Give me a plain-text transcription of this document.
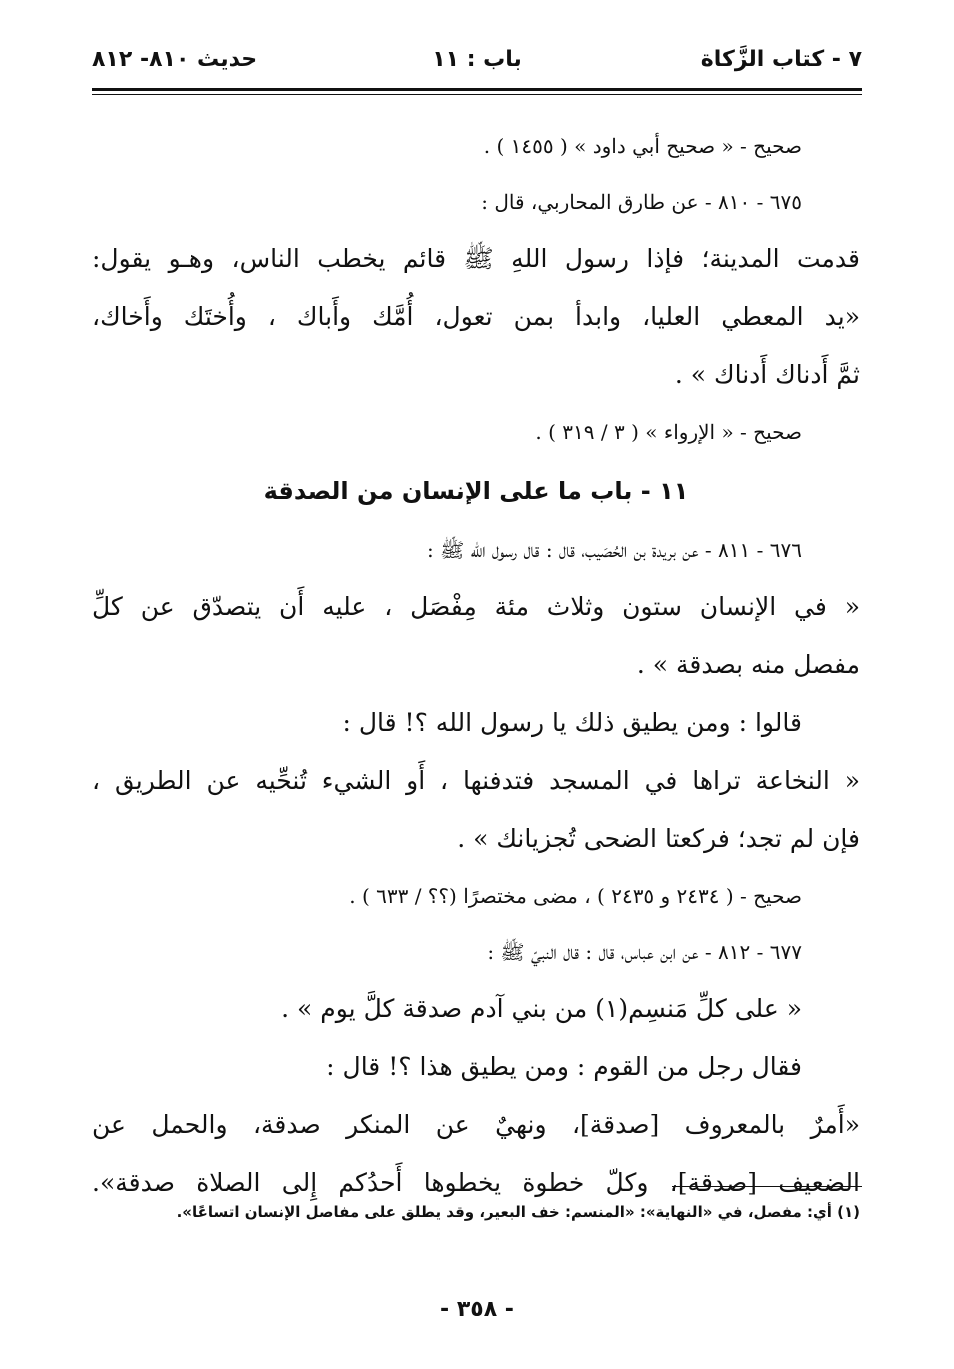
٧ - كتاب الزَّكاة
باب : ١١
حديث ٨١٠- ٨١٢

صحيح - « صحيح أبي داود » ( ١٤٥٥ ) .

٦٧٥ - ٨١٠ - عن طارق المحاربي، قال :

قدمت المدينة؛ فإذا رسول اللهِ ﷺ قائم يخطب الناس، وهـو يقول:

«يد المعطي العليا، وابدأ بمن تعول، أُمَّك وأَباك ، وأُختَك وأَخاك،

ثمَّ أَدناك أَدناك » .

صحيح - « الإرواء » ( ٣ / ٣١٩ ) .

١١ - باب ما على الإنسان من الصدقة

٦٧٦ - ٨١١ - عن بريدة بن الحُصَيب، قال : قال رسول الله ﷺ :

« في الإنسان ستون وثلاث مئة مِفْصَل ، عليه أَن يتصدّق عن كلِّ

مفصل منه بصدقة » .

قالوا : ومن يطيق ذلك يا رسول الله ؟! قال :

« النخاعة تراها في المسجد فتدفنها ، أَو الشيء تُنحِّيه عن الطريق ،

فإن لم تجد؛ فركعتا الضحى تُجزيانك » .

صحيح - ( ٢٤٣٤ و ٢٤٣٥ ) ، مضى مختصرًا (؟؟ / ٦٣٣ ) .

٦٧٧ - ٨١٢ - عن ابن عباس، قال : قال النبيّ ﷺ :

« على كلِّ مَنسِم(١) من بني آدم صدقة كلَّ يوم » .

فقال رجل من القوم : ومن يطيق هذا ؟! قال :

«أَمرٌ بالمعروف [صدقة]، ونهيٌ عن المنكر صدقة، والحمل عن

الضعيف [صدقة]، وكلّ خطوة يخطوها أَحدُكم إِلى الصلاة صدقة».

(١) أي: مفصل، في «النهاية»: «المنسم: خف البعير، وقد يطلق على مفاصل الإنسان اتساعًا».
- ٣٥٨ -
